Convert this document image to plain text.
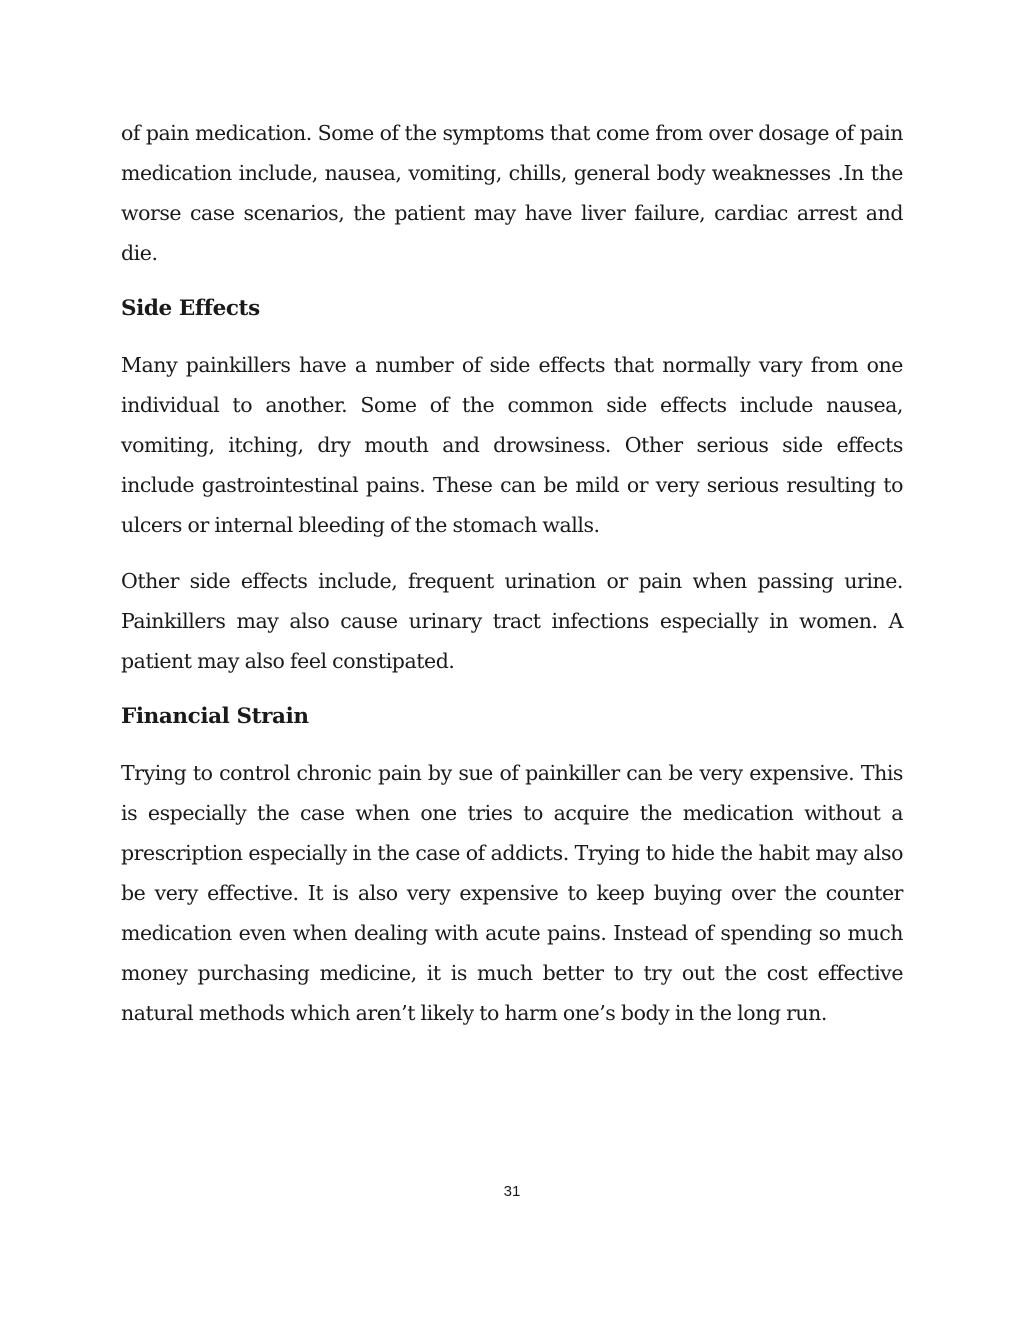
of pain medication. Some of the symptoms that come from over dosage of pain medication include, nausea, vomiting, chills, general body weaknesses .In the worse case scenarios, the patient may have liver failure, cardiac arrest and die.

Side Effects

Many painkillers have a number of side effects that normally vary from one individual to another. Some of the common side effects include nausea, vomiting, itching, dry mouth and drowsiness. Other serious side effects include gastrointestinal pains. These can be mild or very serious resulting to ulcers or internal bleeding of the stomach walls.

Other side effects include, frequent urination or pain when passing urine. Painkillers may also cause urinary tract infections especially in women. A patient may also feel constipated.

Financial Strain

Trying to control chronic pain by sue of painkiller can be very expensive. This is especially the case when one tries to acquire the medication without a prescription especially in the case of addicts. Trying to hide the habit may also be very effective. It is also very expensive to keep buying over the counter medication even when dealing with acute pains. Instead of spending so much money purchasing medicine, it is much better to try out the cost effective natural methods which aren’t likely to harm one’s body in the long run.

31
